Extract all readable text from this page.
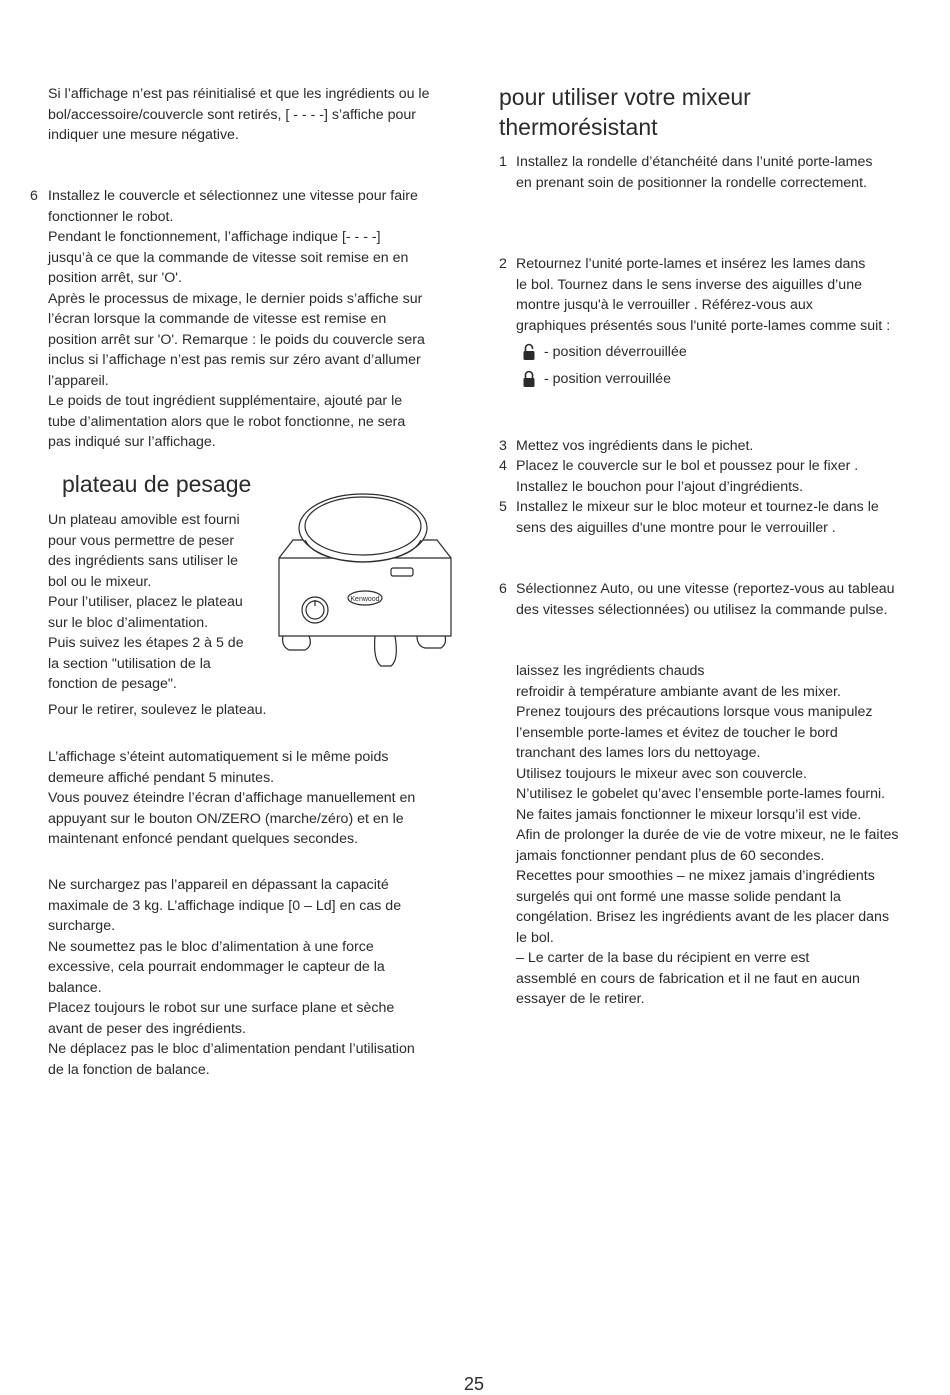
Si l’affichage n’est pas réinitialisé et que les ingrédients ou le
bol/accessoire/couvercle sont retirés, [ - - - -] s’affiche pour
indiquer une mesure négative.
6 Installez le couvercle et sélectionnez une vitesse pour faire
fonctionner le robot.
Pendant le fonctionnement, l’affichage indique [- - - -]
jusqu’à ce que la commande de vitesse soit remise en en
position arrêt, sur 'O'.
Après le processus de mixage, le dernier poids s’affiche sur
l’écran lorsque la commande de vitesse est remise en
position arrêt sur 'O'. Remarque : le poids du couvercle sera
inclus si l’affichage n’est pas remis sur zéro avant d’allumer
l’appareil.
Le poids de tout ingrédient supplémentaire, ajouté par le
tube d’alimentation alors que le robot fonctionne, ne sera
pas indiqué sur l’affichage.
plateau de pesage
Un plateau amovible est fourni
pour vous permettre de peser
des ingrédients sans utiliser le
bol ou le mixeur.
Pour l’utiliser, placez le plateau
sur le bloc d’alimentation.
Puis suivez les étapes 2 à 5 de
la section "utilisation de la
fonction de pesage".
Kenwood
Pour le retirer, soulevez le plateau.
L’affichage s’éteint automatiquement si le même poids
demeure affiché pendant 5 minutes.
Vous pouvez éteindre l’écran d’affichage manuellement en
appuyant sur le bouton ON/ZERO (marche/zéro) et en le
maintenant enfoncé pendant quelques secondes.
Ne surchargez pas l’appareil en dépassant la capacité
maximale de 3 kg. L’affichage indique [0 – Ld] en cas de
surcharge.
Ne soumettez pas le bloc d’alimentation à une force
excessive, cela pourrait endommager le capteur de la
balance.
Placez toujours le robot sur une surface plane et sèche
avant de peser des ingrédients.
Ne déplacez pas le bloc d’alimentation pendant l’utilisation
de la fonction de balance.
pour utiliser votre mixeur
thermorésistant
1 Installez la rondelle d’étanchéité dans l’unité porte-lames
en prenant soin de positionner la rondelle correctement.
2 Retournez l’unité porte-lames et insérez les lames dans
le bol. Tournez dans le sens inverse des aiguilles d’une
montre jusqu'à le verrouiller . Référez-vous aux
graphiques présentés sous l'unité porte-lames comme suit :
- position déverrouillée
- position verrouillée
3 Mettez vos ingrédients dans le pichet.
4 Placez le couvercle sur le bol et poussez pour le fixer .
Installez le bouchon pour l’ajout d’ingrédients.
5 Installez le mixeur sur le bloc moteur et tournez-le dans le
sens des aiguilles d'une montre pour le verrouiller .
6 Sélectionnez Auto, ou une vitesse (reportez-vous au tableau
des vitesses sélectionnées) ou utilisez la commande pulse.
laissez les ingrédients chauds
refroidir à température ambiante avant de les mixer.
Prenez toujours des précautions lorsque vous manipulez
l’ensemble porte-lames et évitez de toucher le bord
tranchant des lames lors du nettoyage.
Utilisez toujours le mixeur avec son couvercle.
N’utilisez le gobelet qu’avec l’ensemble porte-lames fourni.
Ne faites jamais fonctionner le mixeur lorsqu’il est vide.
Afin de prolonger la durée de vie de votre mixeur, ne le faites
jamais fonctionner pendant plus de 60 secondes.
Recettes pour smoothies – ne mixez jamais d’ingrédients
surgelés qui ont formé une masse solide pendant la
congélation. Brisez les ingrédients avant de les placer dans
le bol.
– Le carter de la base du récipient en verre est
assemblé en cours de fabrication et il ne faut en aucun
essayer de le retirer.
25
